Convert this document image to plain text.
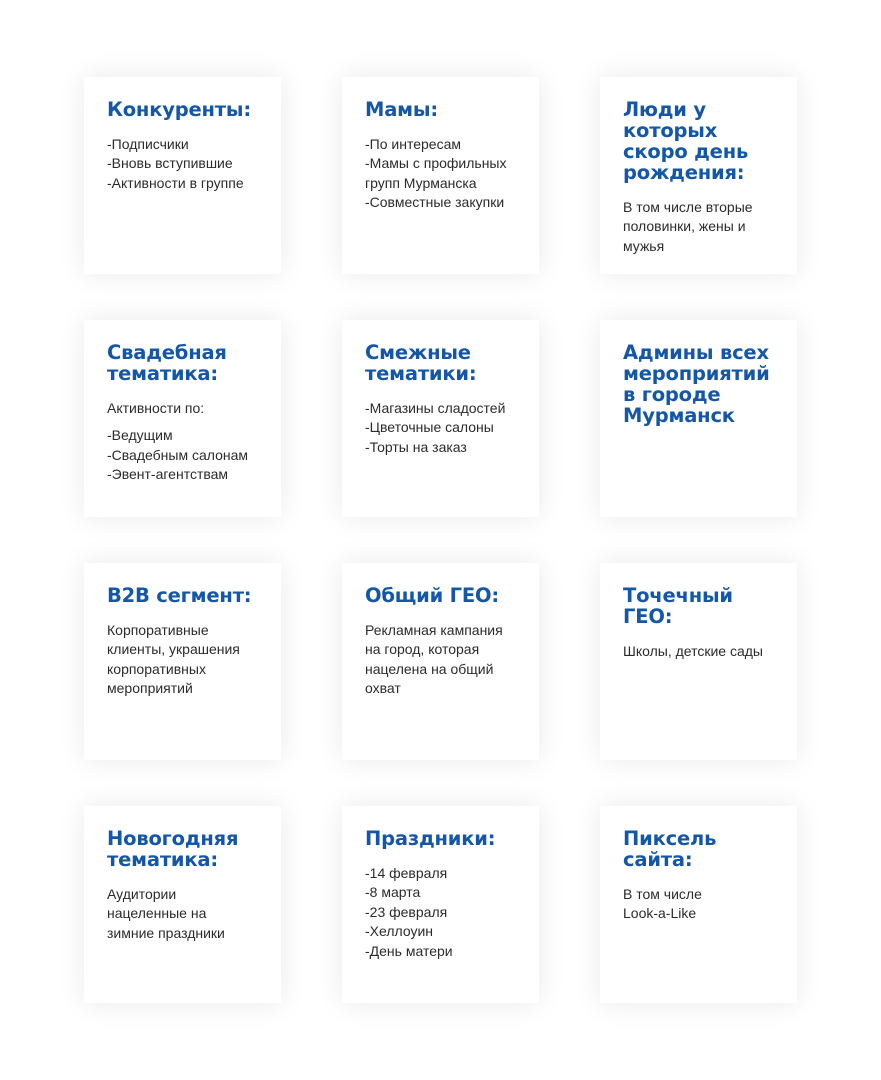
Конкуренты:
-Подписчики
-Вновь вступившие
-Активности в группе
Мамы:
-По интересам
-Мамы с профильных
групп Мурманска
-Совместные закупки
Люди у которых скоро день рождения:
В том числе вторые
половинки, жены и
мужья
Свадебная тематика:
Активности по:
-Ведущим
-Свадебным салонам
-Эвент-агентствам
Смежные тематики:
-Магазины сладостей
-Цветочные салоны
-Торты на заказ
Админы всех мероприятий в городе Мурманск
B2B сегмент:
Корпоративные
клиенты, украшения
корпоративных
мероприятий
Общий ГЕО:
Рекламная кампания
на город, которая
нацелена на общий
охват
Точечный ГЕО:
Школы, детские сады
Новогодняя тематика:
Аудитории
нацеленные на
зимние праздники
Праздники:
-14 февраля
-8 марта
-23 февраля
-Хеллоуин
-День матери
Пиксель сайта:
В том числе
Look-a-Like
